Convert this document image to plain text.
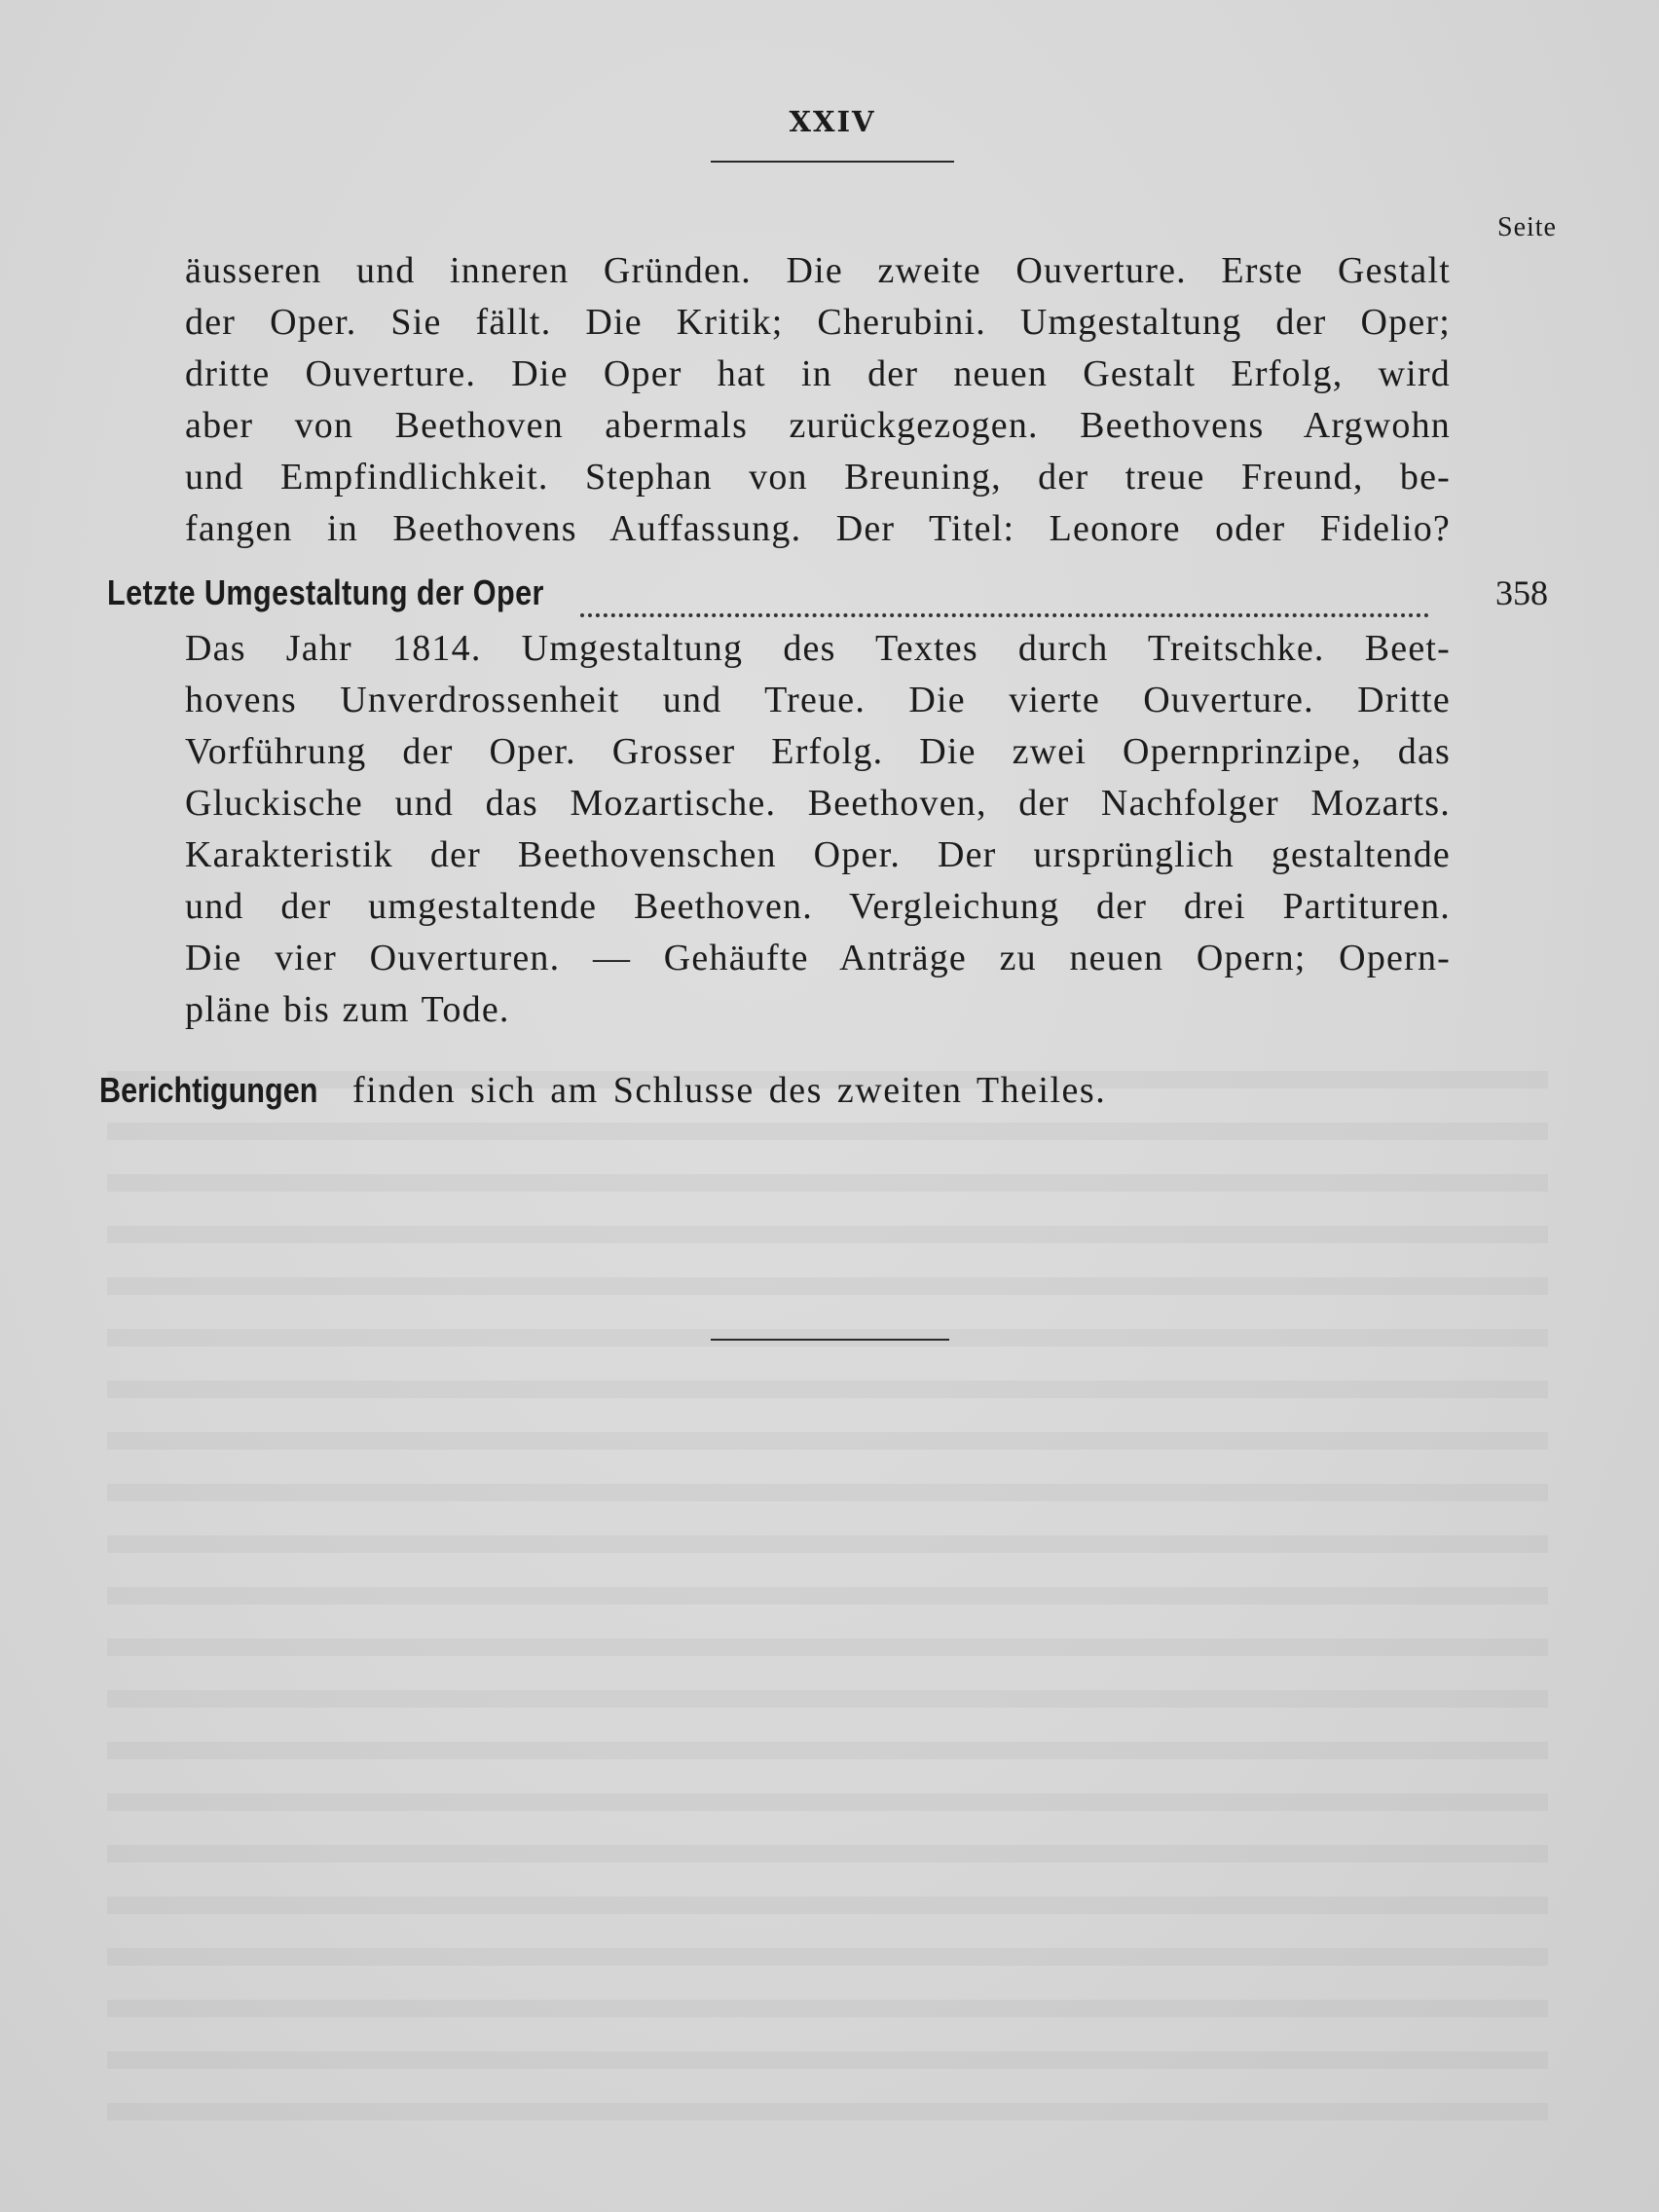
XXIV
Seite
äusseren und inneren Gründen. Die zweite Ouverture. Erste Gestalt
der Oper. Sie fällt. Die Kritik; Cherubini. Umgestaltung der Oper;
dritte Ouverture. Die Oper hat in der neuen Gestalt Erfolg, wird
aber von Beethoven abermals zurückgezogen. Beethovens Argwohn
und Empfindlichkeit. Stephan von Breuning, der treue Freund, be-
fangen in Beethovens Auffassung. Der Titel: Leonore oder Fidelio?
Letzte Umgestaltung der Oper	358
Das Jahr 1814. Umgestaltung des Textes durch Treitschke. Beet-
hovens Unverdrossenheit und Treue. Die vierte Ouverture. Dritte
Vorführung der Oper. Grosser Erfolg. Die zwei Opernprinzipe, das
Gluckische und das Mozartische. Beethoven, der Nachfolger Mozarts.
Karakteristik der Beethovenschen Oper. Der ursprünglich gestaltende
und der umgestaltende Beethoven. Vergleichung der drei Partituren.
Die vier Ouverturen. — Gehäufte Anträge zu neuen Opern; Opern-
pläne bis zum Tode.
Berichtigungen finden sich am Schlusse des zweiten Theiles.
